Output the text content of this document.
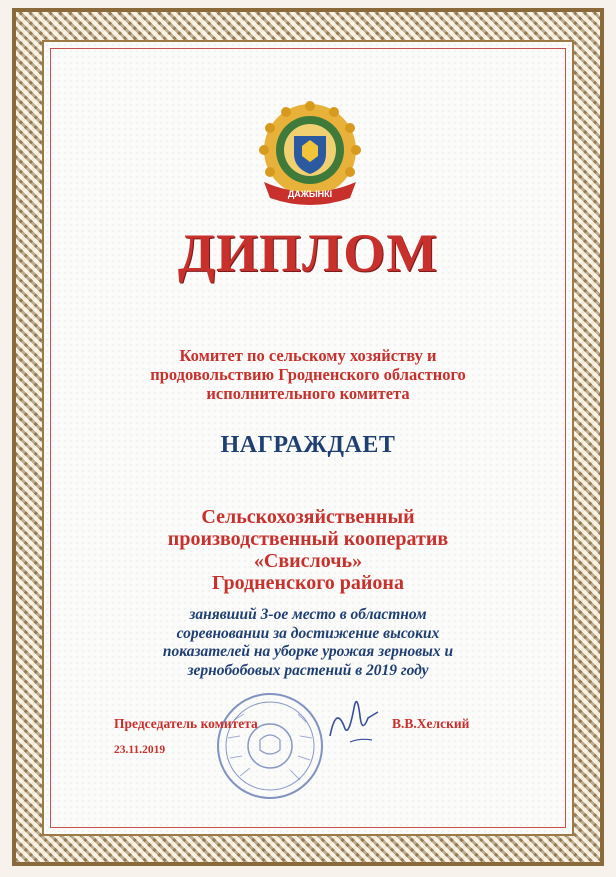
ДАЖЫНКІ
ДИПЛОМ
Комитет по сельскому хозяйству и
продовольствию Гродненского областного
исполнительного комитета
НАГРАЖДАЕТ
Сельскохозяйственный
производственный кооператив
«Свислочь»
Гродненского района
занявший 3-ое место в областном
соревновании за достижение высоких
показателей на уборке урожая зерновых и
зернобобовых растений в 2019 году
Председатель комитета	В.В.Хелский
23.11.2019
